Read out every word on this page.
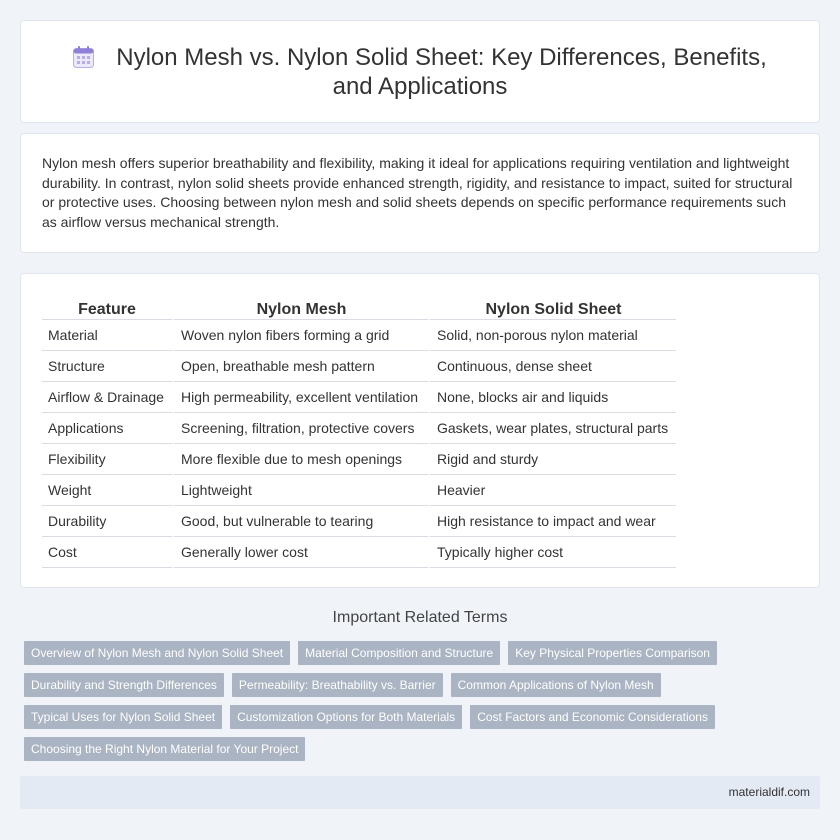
Nylon Mesh vs. Nylon Solid Sheet: Key Differences, Benefits, and Applications

Nylon mesh offers superior breathability and flexibility, making it ideal for applications requiring ventilation and lightweight durability. In contrast, nylon solid sheets provide enhanced strength, rigidity, and resistance to impact, suited for structural or protective uses. Choosing between nylon mesh and solid sheets depends on specific performance requirements such as airflow versus mechanical strength.

Feature	Nylon Mesh	Nylon Solid Sheet
Material	Woven nylon fibers forming a grid	Solid, non-porous nylon material
Structure	Open, breathable mesh pattern	Continuous, dense sheet
Airflow & Drainage	High permeability, excellent ventilation	None, blocks air and liquids
Applications	Screening, filtration, protective covers	Gaskets, wear plates, structural parts
Flexibility	More flexible due to mesh openings	Rigid and sturdy
Weight	Lightweight	Heavier
Durability	Good, but vulnerable to tearing	High resistance to impact and wear
Cost	Generally lower cost	Typically higher cost
Important Related Terms
Overview of Nylon Mesh and Nylon Solid Sheet	Material Composition and Structure	Key Physical Properties Comparison
Durability and Strength Differences	Permeability: Breathability vs. Barrier	Common Applications of Nylon Mesh
Typical Uses for Nylon Solid Sheet	Customization Options for Both Materials	Cost Factors and Economic Considerations
Choosing the Right Nylon Material for Your Project
materialdif.com
